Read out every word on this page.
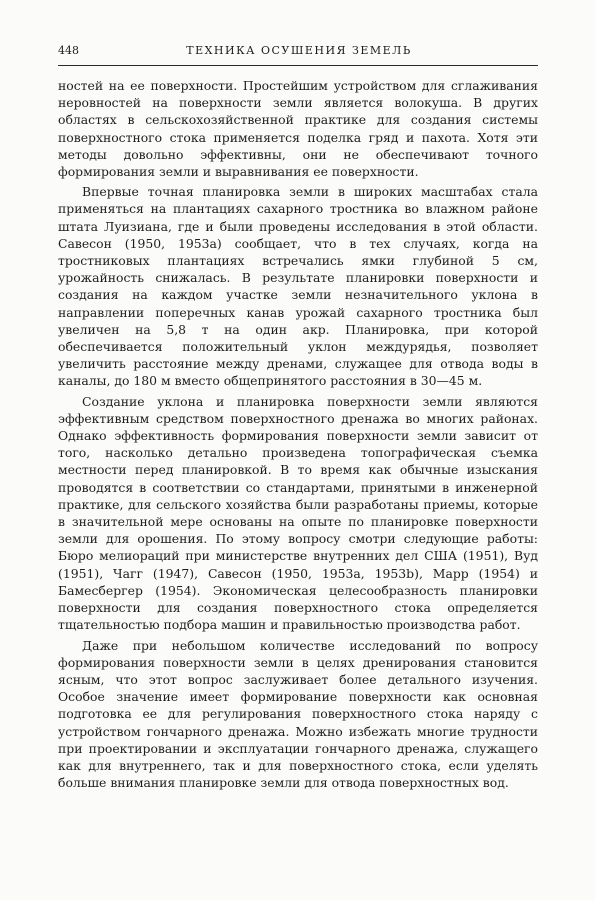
448	ТЕХНИКА ОСУШЕНИЯ ЗЕМЕЛЬ

ностей на ее поверхности. Простейшим устройством для сглаживания неровностей на поверхности земли является волокуша. В других областях в сельскохозяйственной практике для создания системы поверхностного стока применяется поделка гряд и пахота. Хотя эти методы довольно эффективны, они не обеспечивают точного формирования земли и выравнивания ее поверхности.

Впервые точная планировка земли в широких масштабах стала применяться на плантациях сахарного тростника во влажном районе штата Луизиана, где и были проведены исследования в этой области. Савесон (1950, 1953а) сообщает, что в тех случаях, когда на тростниковых плантациях встречались ямки глубиной 5 см, урожайность снижалась. В результате планировки поверхности и создания на каждом участке земли незначительного уклона в направлении поперечных канав урожай сахарного тростника был увеличен на 5,8 т на один акр. Планировка, при которой обеспечивается положительный уклон междурядья, позволяет увеличить расстояние между дренами, служащее для отвода воды в каналы, до 180 м вместо общепринятого расстояния в 30—45 м.

Создание уклона и планировка поверхности земли являются эффективным средством поверхностного дренажа во многих районах. Однако эффективность формирования поверхности земли зависит от того, насколько детально произведена топографическая съемка местности перед планировкой. В то время как обычные изыскания проводятся в соответствии со стандартами, принятыми в инженерной практике, для сельского хозяйства были разработаны приемы, которые в значительной мере основаны на опыте по планировке поверхности земли для орошения. По этому вопросу смотри следующие работы: Бюро мелиораций при министерстве внутренних дел США (1951), Вуд (1951), Чагг (1947), Савесон (1950, 1953а, 1953b), Марр (1954) и Бамесбергер (1954). Экономическая целесообразность планировки поверхности для создания поверхностного стока определяется тщательностью подбора машин и правильностью производства работ.

Даже при небольшом количестве исследований по вопросу формирования поверхности земли в целях дренирования становится ясным, что этот вопрос заслуживает более детального изучения. Особое значение имеет формирование поверхности как основная подготовка ее для регулирования поверхностного стока наряду с устройством гончарного дренажа. Можно избежать многие трудности при проектировании и эксплуатации гончарного дренажа, служащего как для внутреннего, так и для поверхностного стока, если уделять больше внимания планировке земли для отвода поверхностных вод.
